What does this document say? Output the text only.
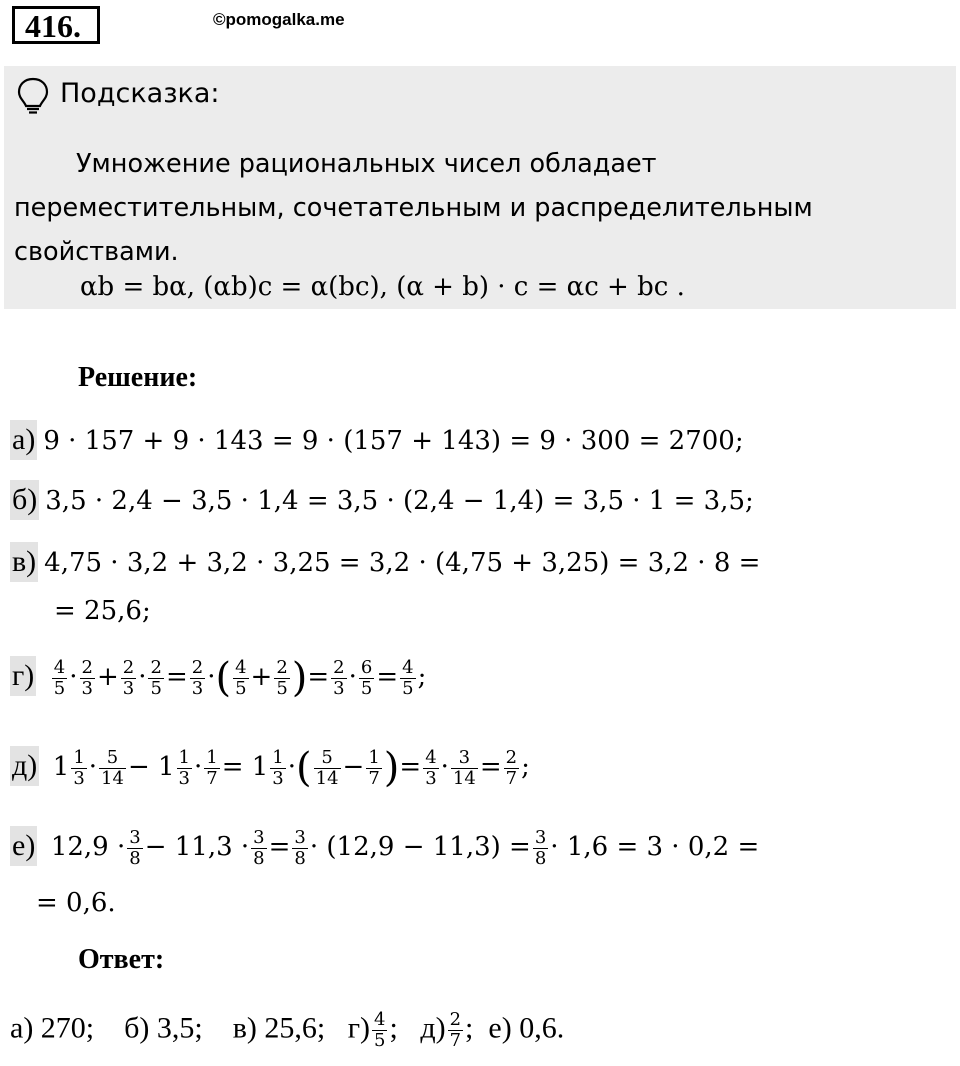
416.	©pomogalka.me
Подсказка:
Умножение рациональных чисел обладает
переместительным, сочетательным и распределительным
свойствами.
αb = bα, (αb)c = α(bc), (α + b) · c = αc + bc .
Решение:
а) 9 · 157 + 9 · 143 = 9 · (157 + 143) = 9 · 300 = 2700;
б) 3,5 · 2,4 − 3,5 · 1,4 = 3,5 · (2,4 − 1,4) = 3,5 · 1 = 3,5;
в) 4,75 · 3,2 + 3,2 · 3,25 = 3,2 · (4,75 + 3,25) = 3,2 · 8 =
= 25,6;
$г) \frac{4}{5} \cdot \frac{2}{3} + \frac{2}{3} \cdot \frac{2}{5} = \frac{2}{3}$ ·( $\frac{4}{5} + \frac{2}{5}$ )= $\frac{2}{3} \cdot \frac{6}{5} = \frac{4}{5}$ ;
д) $1 \frac{1}{3} \cdot \frac{5}{14} - 1 \frac{1}{3} \cdot \frac{1}{7} = 1 \frac{1}{3}$ ·( $\frac{5}{14} - \frac{1}{7}$ )= $\frac{4}{3} \cdot \frac{3}{14} = \frac{2}{7}$ ;
е) $12,9 \cdot \frac{3}{8} - 11,3 \cdot \frac{3}{8} = \frac{3}{8} \cdot (12,9 - 11,3) = \frac{3}{8} \cdot 1,6 = 3 \cdot 0,2$ =
= 0,6.
Ответ:
а) 270; б) 3,5; в) 25,6; $г) \frac{4}{5}$ ;   $д) \frac{2}{7}$ ;  е) 0,6.
